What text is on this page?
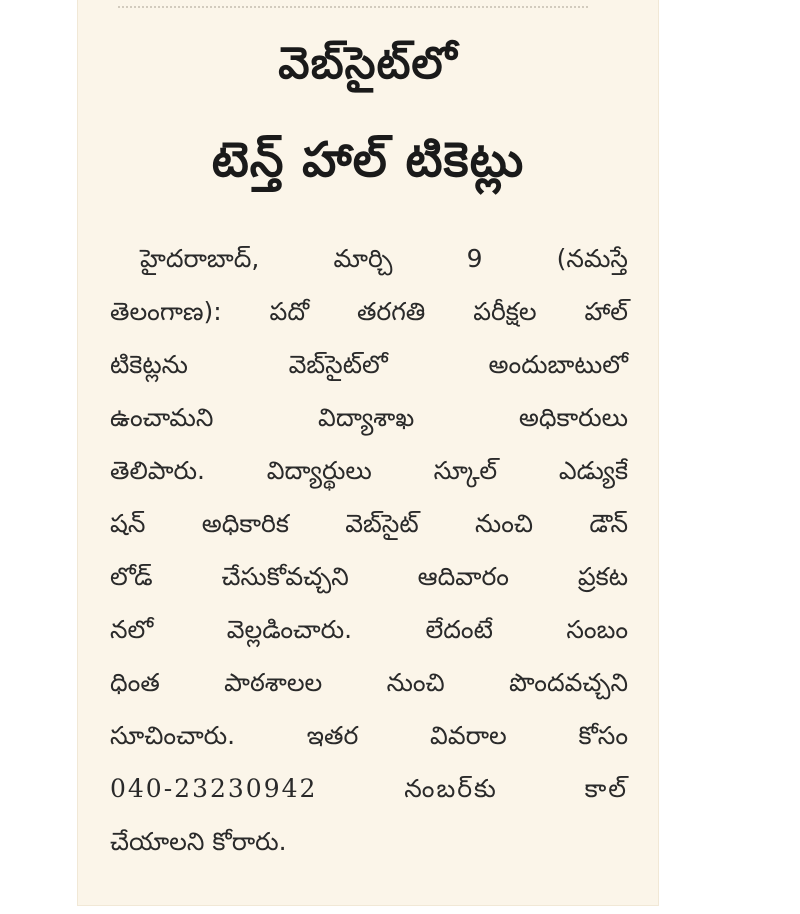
వెబ్‌సైట్‌లో
టెన్త్ హాల్ టికెట్లు
హైదరాబాద్, మార్చి 9 (నమస్తే
తెలంగాణ): పదో తరగతి పరీక్షల హాల్
టికెట్లను వెబ్‌సైట్‌లో అందుబాటులో
ఉంచామని విద్యాశాఖ అధికారులు
తెలిపారు. విద్యార్థులు స్కూల్ ఎడ్యుకే
షన్ అధికారిక వెబ్‌సైట్ నుంచి డౌన్
లోడ్ చేసుకోవచ్చని ఆదివారం ప్రకట
నలో వెల్లడించారు. లేదంటే సంబం
ధింత పాఠశాలల నుంచి పొందవచ్చని
సూచించారు. ఇతర వివరాల కోసం
040-23230942 నంబర్‌కు కాల్
చేయాలని కోరారు.
